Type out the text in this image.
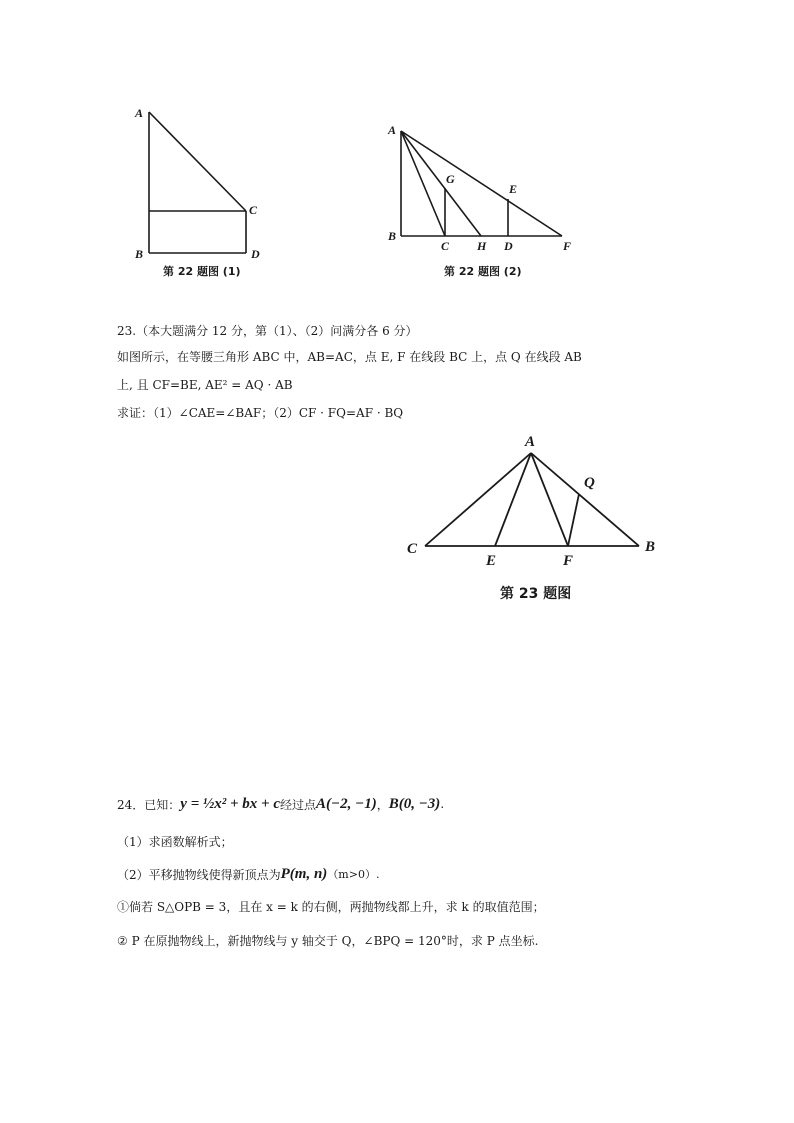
A
B
C
D
第 22 题图 (1)
A
B
G
E
C H D	F
第 22 题图 (2)
23.（本大题满分 12 分，第（1）、（2）问满分各 6 分）
如图所示，在等腰三角形 ABC 中，AB=AC，点 E, F 在线段 BC 上，点 Q 在线段 AB
上, 且 CF=BE, AE² = AQ · AB
求证：（1）∠CAE=∠BAF；（2）CF · FQ=AF · BQ
A
Q
C
E	F
B
第 23 题图
24．已知： y = ½x² + bx + c 经过点 A(−2, −1) ， B(0, −3) .
（1）求函数解析式；
（2）平移抛物线使得新顶点为 P(m, n) （m>0）.
①倘若 S△OPB = 3，且在 x = k 的右侧，两抛物线都上升，求 k 的取值范围；
② P 在原抛物线上，新抛物线与 y 轴交于 Q，∠BPQ = 120°时，求 P 点坐标.
